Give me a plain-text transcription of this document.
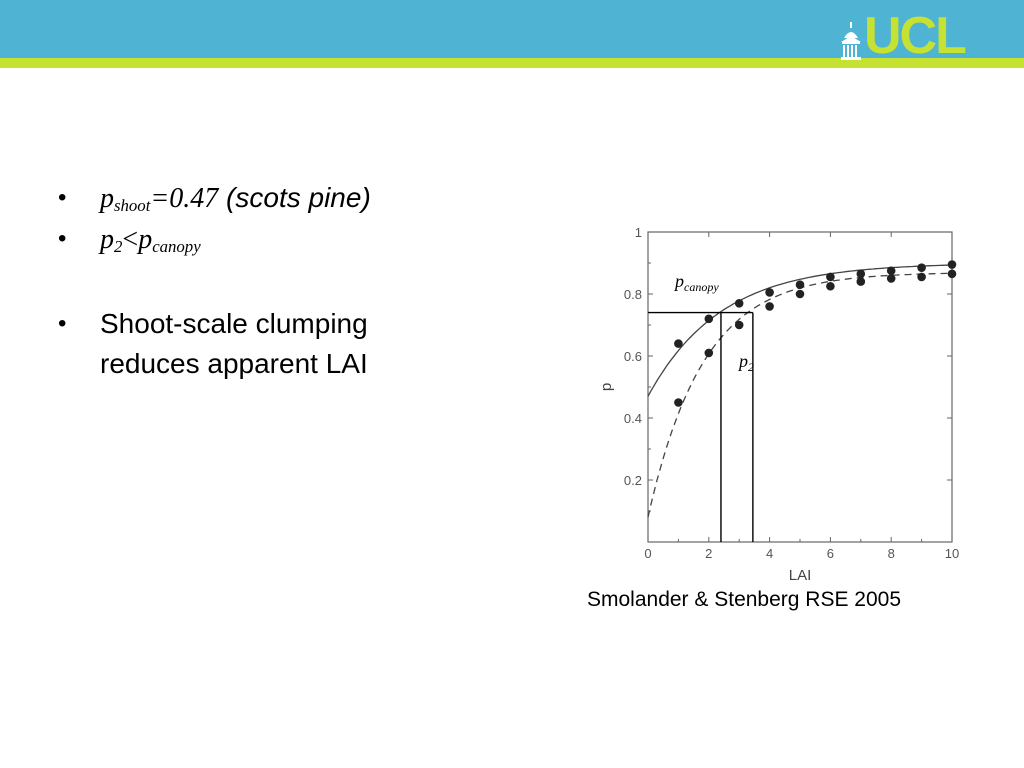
UCL
• $p_{shoot}=0.47$ (scots pine)
• $p_2<p_{canopy}$
• Shoot-scale clumping
reduces apparent LAI
0	2	4	6	8	10
0.2
0.4
0.6
0.8
1
LAI
p
$p_{canopy}$
$p_2$
Smolander & Stenberg RSE 2005
